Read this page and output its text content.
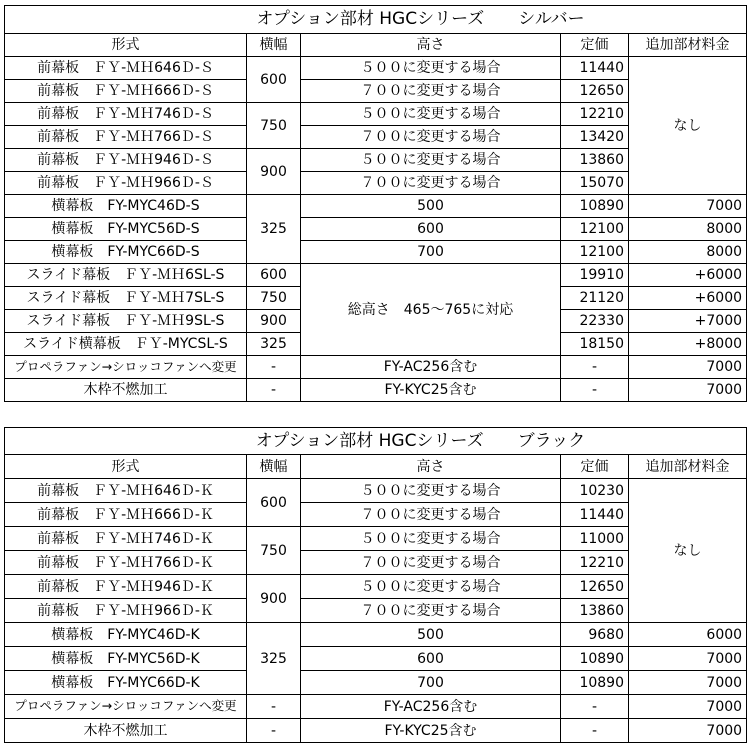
オプション部材 HGCシリーズ　　シルバー				
形式	横幅	高さ	定価	追加部材料金
前幕板　ＦＹ-ＭＨ646Ｄ-Ｓ	600	５００に変更する場合	11440	なし
前幕板　ＦＹ-ＭＨ666Ｄ-Ｓ		７００に変更する場合	12650	
前幕板　ＦＹ-ＭＨ746Ｄ-Ｓ	750	５００に変更する場合	12210	
前幕板　ＦＹ-ＭＨ766Ｄ-Ｓ		７００に変更する場合	13420	
前幕板　ＦＹ-ＭＨ946Ｄ-Ｓ	900	５００に変更する場合	13860	
前幕板　ＦＹ-ＭＨ966Ｄ-Ｓ		７００に変更する場合	15070	
横幕板　FY-MYC46D-S	325	500	10890	7000
横幕板　FY-MYC56D-S		600	12100	8000
横幕板　FY-MYC66D-S		700	12100	8000
スライド幕板　ＦＹ-ＭＨ6SL-S	600	総高さ　465～765に対応	19910	+6000
スライド幕板　ＦＹ-ＭＨ7SL-S	750		21120	+6000
スライド幕板　ＦＹ-ＭＨ9SL-S	900		22330	+7000
スライド横幕板　ＦＹ-MYCSL-S	325		18150	+8000
プロペラファン→シロッコファンへ変更	-	FY-AC256含む	-	7000
木枠不燃加工	-	FY-KYC25含む	-	7000
オプション部材 HGCシリーズ　　ブラック				
形式	横幅	高さ	定価	追加部材料金
前幕板　ＦＹ-ＭＨ646Ｄ-Ｋ	600	５００に変更する場合	10230	なし
前幕板　ＦＹ-ＭＨ666Ｄ-Ｋ		７００に変更する場合	11440	
前幕板　ＦＹ-ＭＨ746Ｄ-Ｋ	750	５００に変更する場合	11000	
前幕板　ＦＹ-ＭＨ766Ｄ-Ｋ		７００に変更する場合	12210	
前幕板　ＦＹ-ＭＨ946Ｄ-Ｋ	900	５００に変更する場合	12650	
前幕板　ＦＹ-ＭＨ966Ｄ-Ｋ		７００に変更する場合	13860	
横幕板　FY-MYC46D-K	325	500	9680	6000
横幕板　FY-MYC56D-K		600	10890	7000
横幕板　FY-MYC66D-K		700	10890	7000
プロペラファン→シロッコファンへ変更	-	FY-AC256含む	-	7000
木枠不燃加工	-	FY-KYC25含む	-	7000
